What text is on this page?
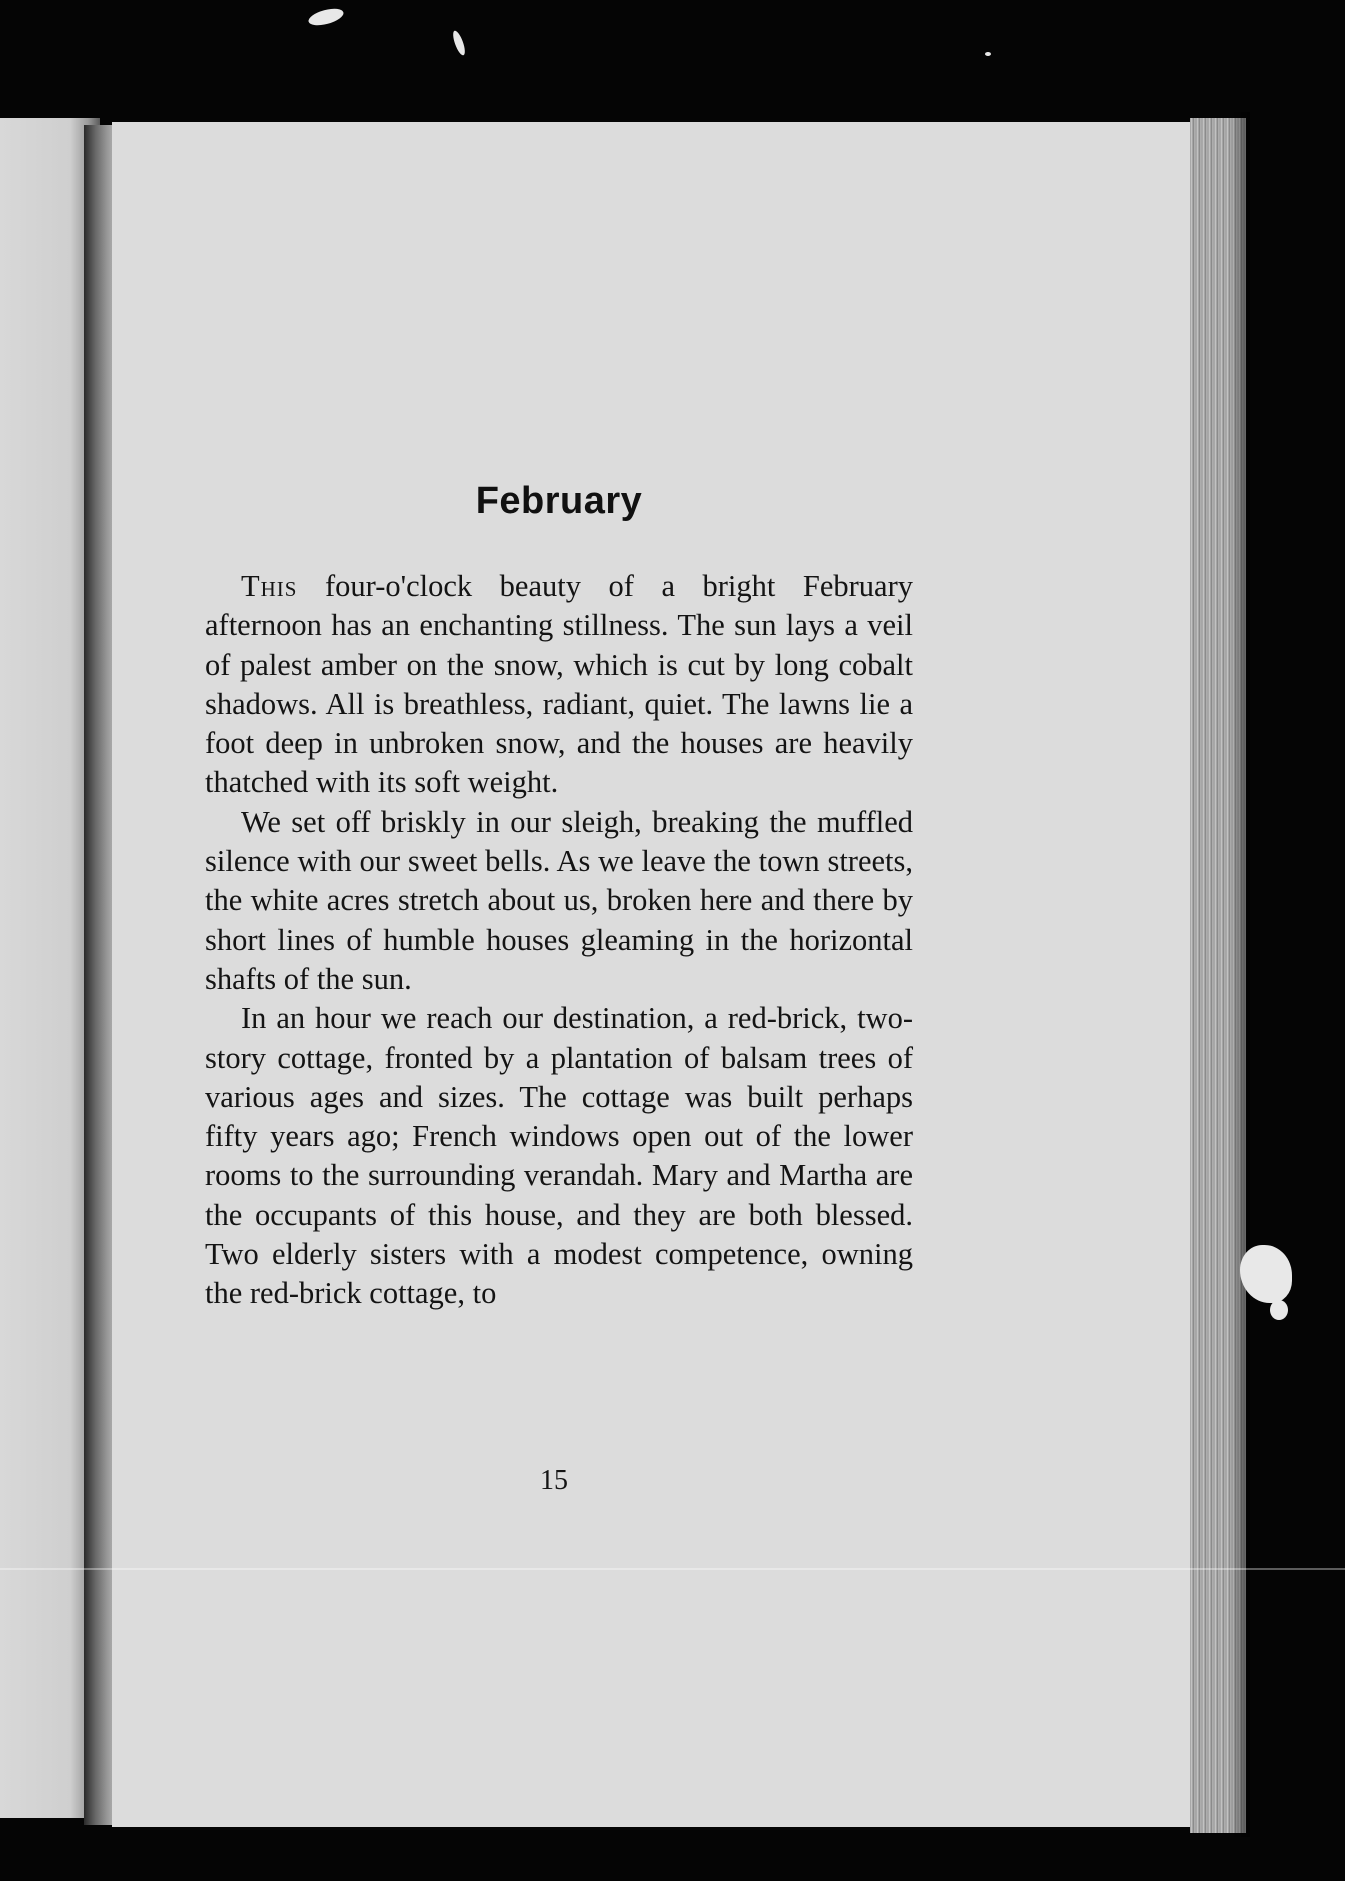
February

This four-o'clock beauty of a bright February afternoon has an enchanting stillness. The sun lays a veil of palest amber on the snow, which is cut by long cobalt shadows. All is breathless, radiant, quiet. The lawns lie a foot deep in unbroken snow, and the houses are heavily thatched with its soft weight.

We set off briskly in our sleigh, breaking the muffled silence with our sweet bells. As we leave the town streets, the white acres stretch about us, broken here and there by short lines of humble houses gleaming in the horizontal shafts of the sun.

In an hour we reach our destination, a red-brick, two-story cottage, fronted by a plantation of balsam trees of various ages and sizes. The cottage was built perhaps fifty years ago; French windows open out of the lower rooms to the surrounding verandah. Mary and Martha are the occupants of this house, and they are both blessed. Two elderly sisters with a modest competence, owning the red-brick cottage, to

15
